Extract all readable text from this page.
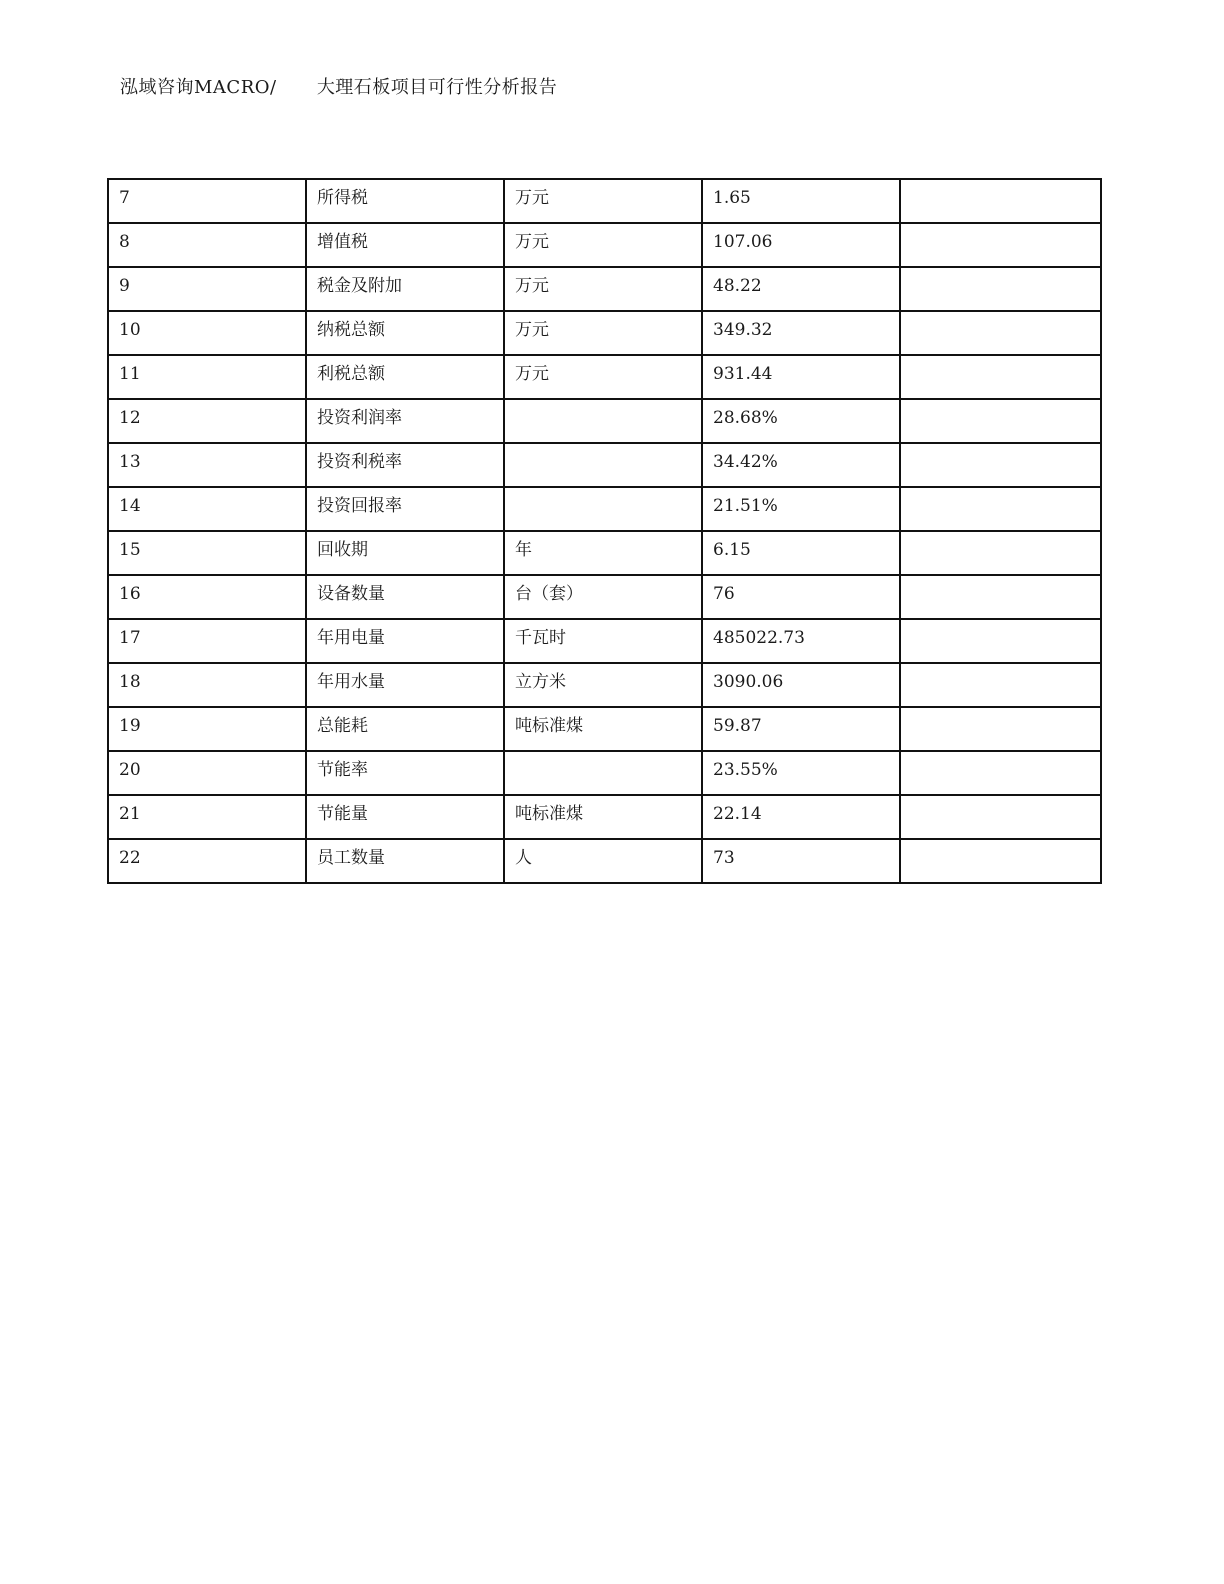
泓域咨询MACRO/ 大理石板项目可行性分析报告
7	所得税	万元	1.65	
8	增值税	万元	107.06	
9	税金及附加	万元	48.22	
10	纳税总额	万元	349.32	
11	利税总额	万元	931.44	
12	投资利润率		28.68%	
13	投资利税率		34.42%	
14	投资回报率		21.51%	
15	回收期	年	6.15	
16	设备数量	台（套）	76	
17	年用电量	千瓦时	485022.73	
18	年用水量	立方米	3090.06	
19	总能耗	吨标准煤	59.87	
20	节能率		23.55%	
21	节能量	吨标准煤	22.14	
22	员工数量	人	73	
